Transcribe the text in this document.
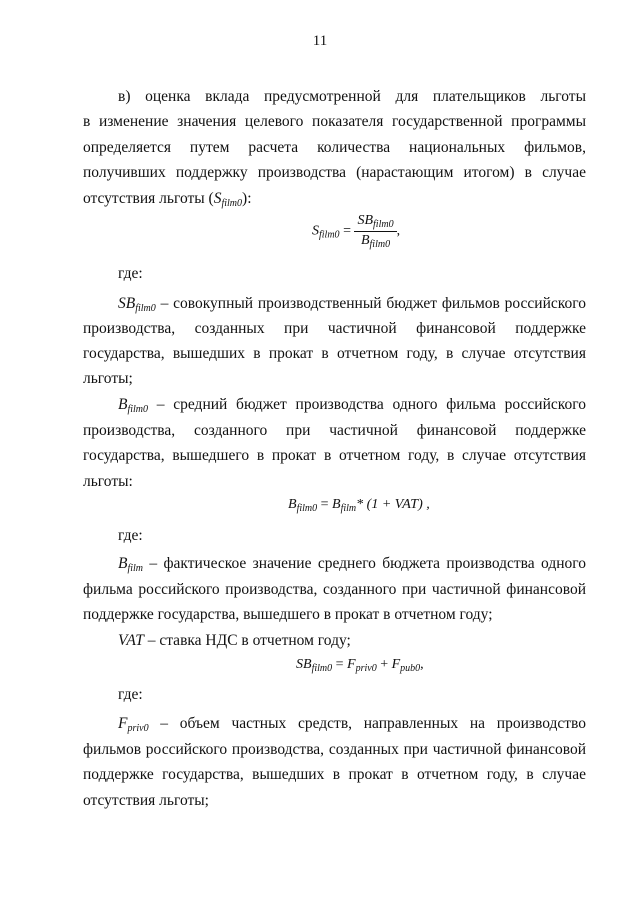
11

в) оценка вклада предусмотренной для плательщиков льготы

в изменение значения целевого показателя государственной программы

определяется путем расчета количества национальных фильмов,

получивших поддержку производства (нарастающим итогом) в случае

отсутствия льготы $(S_{film0})$:

$S_{film0} = \frac{SB_{film0}}{B_{film0}}$ ,

где:

$SB_{film0}$ – совокупный производственный бюджет фильмов российского

производства, созданных при частичной финансовой поддержке

государства, вышедших в прокат в отчетном году, в случае отсутствия

льготы;

$B_{film0}$ – средний бюджет производства одного фильма российского

производства, созданного при частичной финансовой поддержке

государства, вышедшего в прокат в отчетном году, в случае отсутствия

льготы:

$B_{film0} = B_{film}*$ (1 + VAT) ,

где:

$B_{film}$ – фактическое значение среднего бюджета производства одного

фильма российского производства, созданного при частичной финансовой

поддержке государства, вышедшего в прокат в отчетном году;

VAT – ставка НДС в отчетном году;

$SB_{film0} = F_{priv0} + F_{pub0}$,

где:

$F_{priv0}$ – объем частных средств, направленных на производство

фильмов российского производства, созданных при частичной финансовой

поддержке государства, вышедших в прокат в отчетном году, в случае

отсутствия льготы;
